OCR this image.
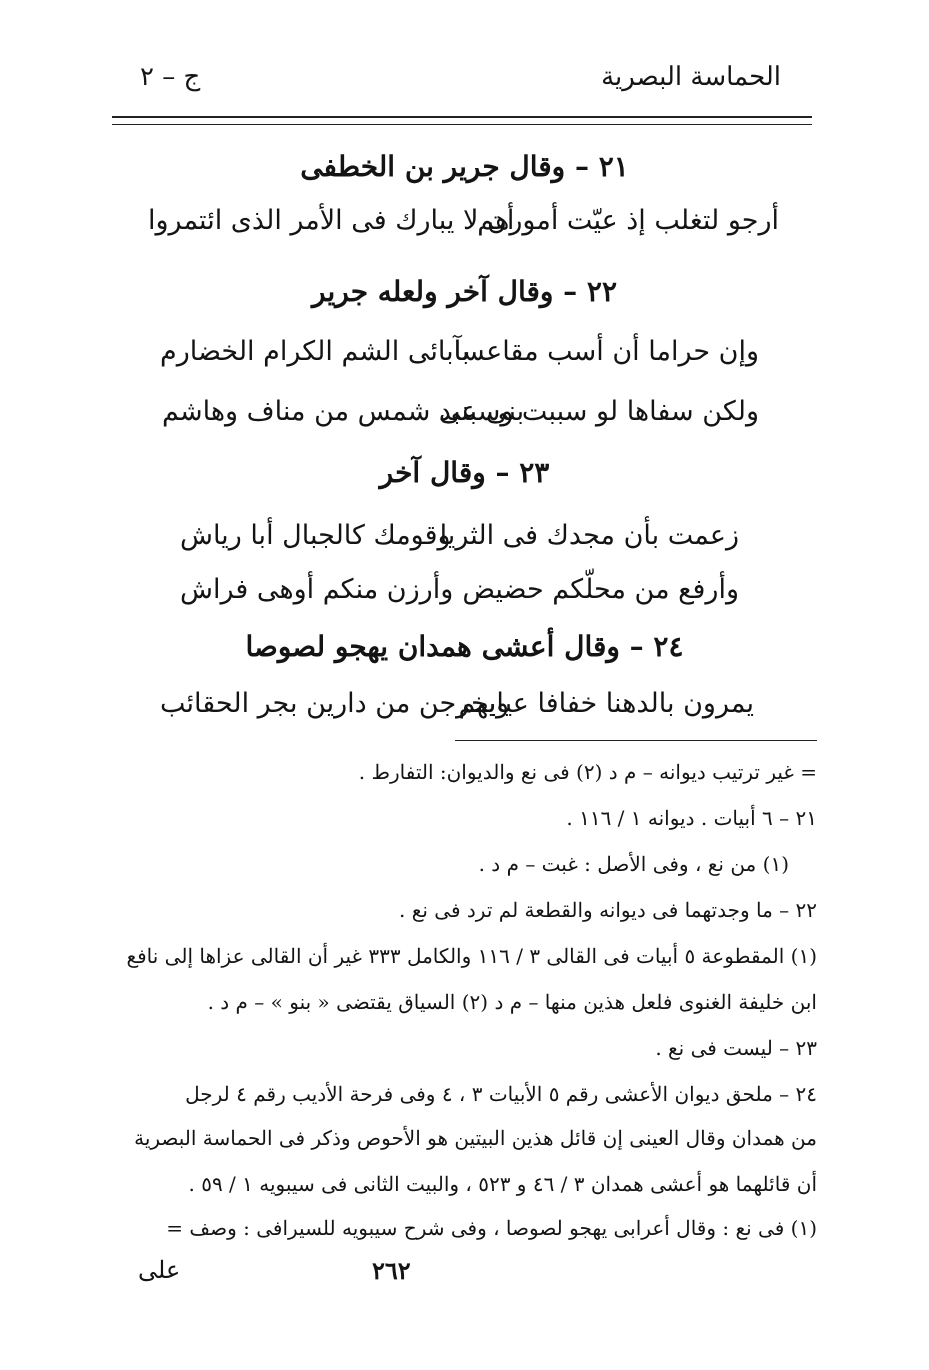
الحماسة البصرية
ج – ٢
٢١ – وقال جرير بن الخطفى
أرجو لتغلب إذ عيّت أمورهم
أن لا يبارك فى الأمر الذى ائتمروا
٢٢ – وقال آخر ولعله جرير
وإن حراما أن أسب مقاعسا
بآبائى الشم الكرام الخضارم
ولكن سفاها لو سببت وسبنى
بنى عبد شمس من مناف وهاشم
٢٣ – وقال آخر
زعمت بأن مجدك فى الثريا
وقومك كالجبال أبا رياش
وأرفع من محلّكم حضيض
وأرزن منكم أوهى فراش
٢٤ – وقال أعشى همدان يهجو لصوصا
يمرون بالدهنا خفافا عيابهم
ويخرجن من دارين بجر الحقائب
= غير ترتيب ديوانه – م د (٢) فى نع والديوان: التفارط .
٢١ – ٦ أبيات . ديوانه ١ / ١١٦ .
(١) من نع ، وفى الأصل : غبت – م د .
٢٢ – ما وجدتهما فى ديوانه والقطعة لم ترد فى نع .
(١) المقطوعة ٥ أبيات فى القالى ٣ / ١١٦ والكامل ٣٣٣ غير أن القالى عزاها إلى نافع
ابن خليفة الغنوى فلعل هذين منها – م د (٢) السياق يقتضى « بنو » – م د .
٢٣ – ليست فى نع .
٢٤ – ملحق ديوان الأعشى رقم ٥ الأبيات ٣ ، ٤ وفى فرحة الأديب رقم ٤ لرجل
من همدان وقال العينى إن قائل هذين البيتين هو الأحوص وذكر فى الحماسة البصرية
أن قائلهما هو أعشى همدان ٣ / ٤٦ و ٥٢٣ ، والبيت الثانى فى سيبويه ١ / ٥٩ .
(١) فى نع : وقال أعرابى يهجو لصوصا ، وفى شرح سيبويه للسيرافى : وصف =
على	٢٦٢
